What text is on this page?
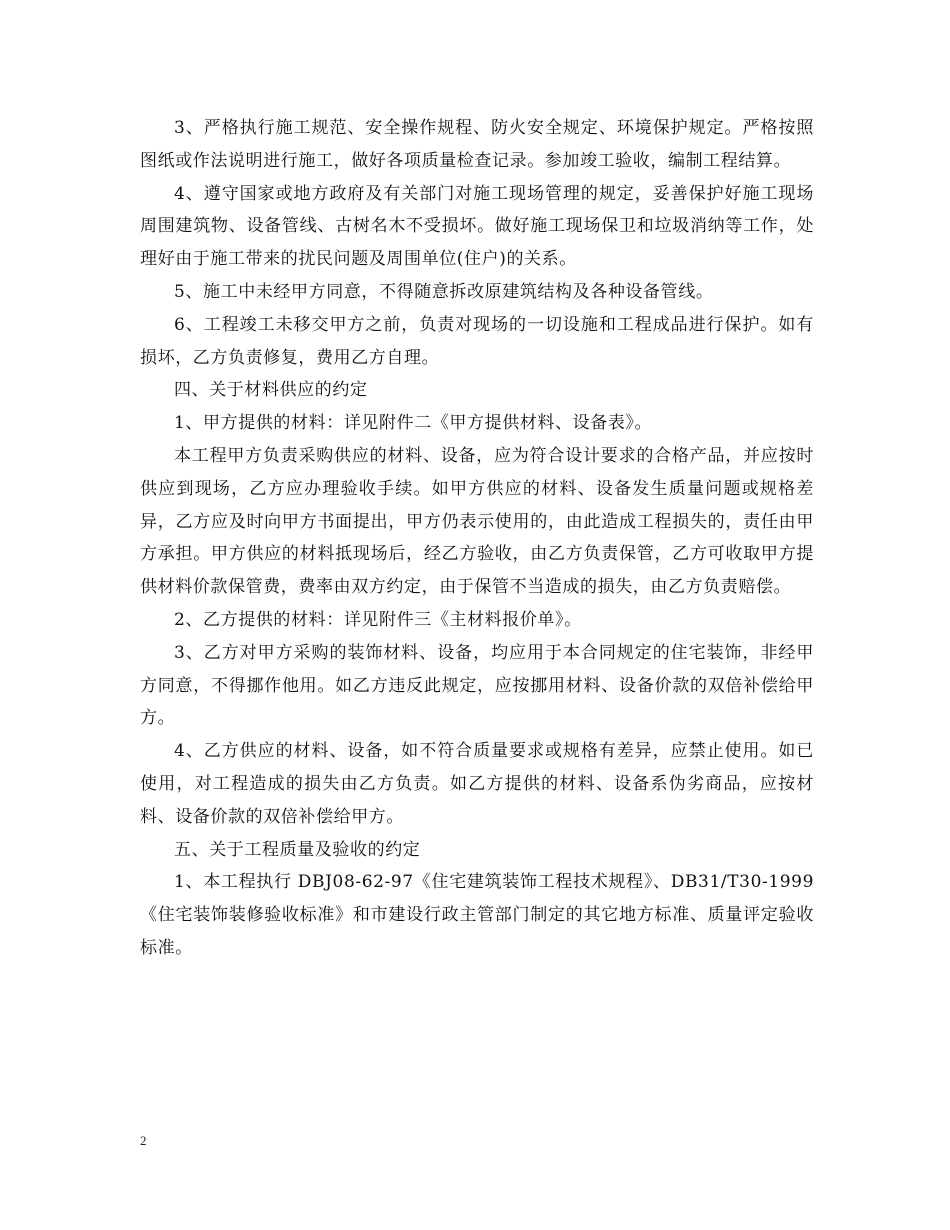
3、严格执行施工规范、安全操作规程、防火安全规定、环境保护规定。严格按照图纸或作法说明进行施工，做好各项质量检查记录。参加竣工验收，编制工程结算。

4、遵守国家或地方政府及有关部门对施工现场管理的规定，妥善保护好施工现场周围建筑物、设备管线、古树名木不受损坏。做好施工现场保卫和垃圾消纳等工作，处理好由于施工带来的扰民问题及周围单位(住户)的关系。

5、施工中未经甲方同意，不得随意拆改原建筑结构及各种设备管线。

6、工程竣工未移交甲方之前，负责对现场的一切设施和工程成品进行保护。如有损坏，乙方负责修复，费用乙方自理。

四、关于材料供应的约定

1、甲方提供的材料：详见附件二《甲方提供材料、设备表》。

本工程甲方负责采购供应的材料、设备，应为符合设计要求的合格产品，并应按时供应到现场，乙方应办理验收手续。如甲方供应的材料、设备发生质量问题或规格差异，乙方应及时向甲方书面提出，甲方仍表示使用的，由此造成工程损失的，责任由甲方承担。甲方供应的材料抵现场后，经乙方验收，由乙方负责保管，乙方可收取甲方提供材料价款保管费，费率由双方约定，由于保管不当造成的损失，由乙方负责赔偿。

2、乙方提供的材料：详见附件三《主材料报价单》。

3、乙方对甲方采购的装饰材料、设备，均应用于本合同规定的住宅装饰，非经甲方同意，不得挪作他用。如乙方违反此规定，应按挪用材料、设备价款的双倍补偿给甲方。

4、乙方供应的材料、设备，如不符合质量要求或规格有差异，应禁止使用。如已使用，对工程造成的损失由乙方负责。如乙方提供的材料、设备系伪劣商品，应按材料、设备价款的双倍补偿给甲方。

五、关于工程质量及验收的约定

1、本工程执行 DBJ08-62-97《住宅建筑装饰工程技术规程》、DB31/T30-1999《住宅装饰装修验收标准》和市建设行政主管部门制定的其它地方标准、质量评定验收标准。

2
